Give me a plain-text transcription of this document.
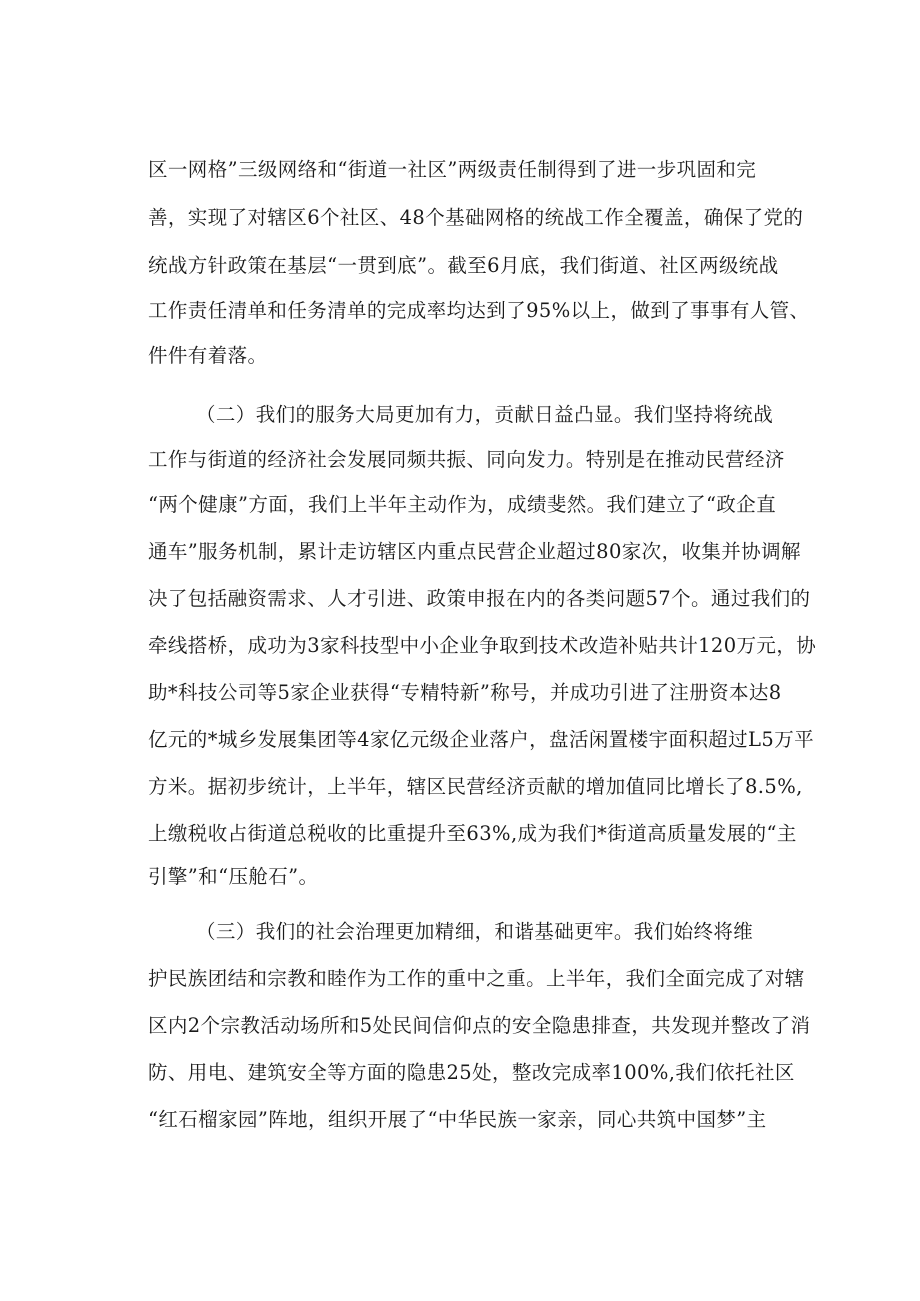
区一网格”三级网络和“街道一社区”两级责任制得到了进一步巩固和完

善，实现了对辖区6个社区、48个基础网格的统战工作全覆盖，确保了党的

统战方针政策在基层“一贯到底”。截至6月底，我们街道、社区两级统战

工作责任清单和任务清单的完成率均达到了95%以上，做到了事事有人管、

件件有着落。

（二）我们的服务大局更加有力，贡献日益凸显。我们坚持将统战

工作与街道的经济社会发展同频共振、同向发力。特别是在推动民营经济

“两个健康”方面，我们上半年主动作为，成绩斐然。我们建立了“政企直

通车”服务机制，累计走访辖区内重点民营企业超过80家次，收集并协调解

决了包括融资需求、人才引进、政策申报在内的各类问题57个。通过我们的

牵线搭桥，成功为3家科技型中小企业争取到技术改造补贴共计120万元，协

助*科技公司等5家企业获得“专精特新”称号，并成功引进了注册资本达8

亿元的*城乡发展集团等4家亿元级企业落户，盘活闲置楼宇面积超过L5万平

方米。据初步统计，上半年，辖区民营经济贡献的增加值同比增长了8.5%,

上缴税收占街道总税收的比重提升至63%,成为我们*街道高质量发展的“主

引擎”和“压舱石”。

（三）我们的社会治理更加精细，和谐基础更牢。我们始终将维

护民族团结和宗教和睦作为工作的重中之重。上半年，我们全面完成了对辖

区内2个宗教活动场所和5处民间信仰点的安全隐患排查，共发现并整改了消

防、用电、建筑安全等方面的隐患25处，整改完成率100%,我们依托社区

“红石榴家园”阵地，组织开展了“中华民族一家亲，同心共筑中国梦”主
